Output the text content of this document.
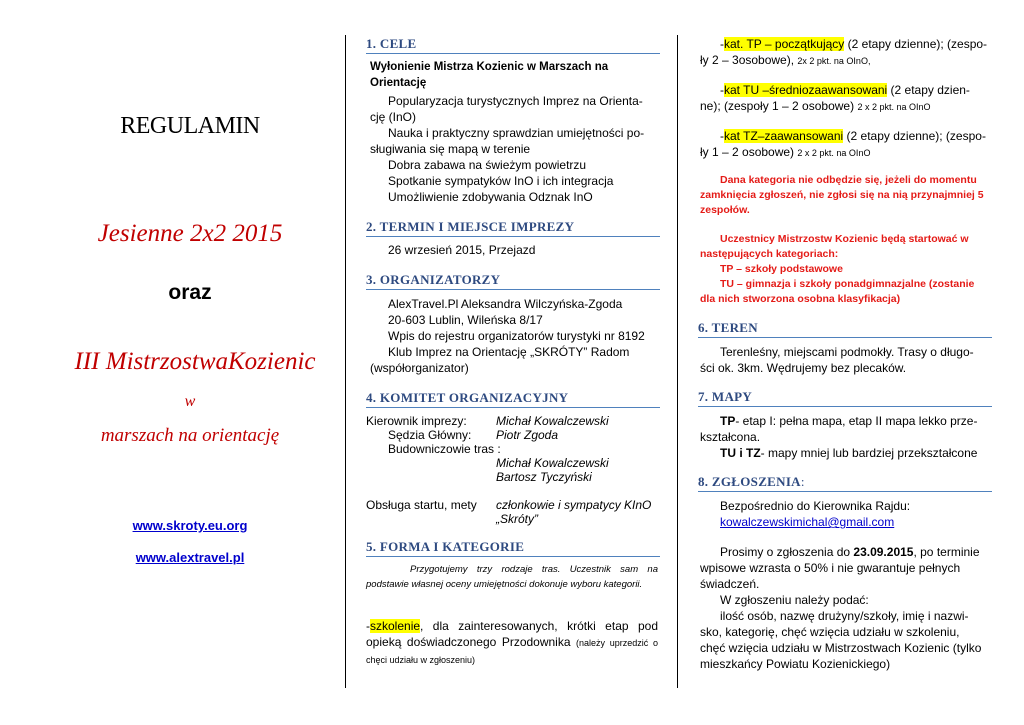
REGULAMIN
Jesienne 2x2 2015
oraz
III MistrzostwaKozienic
w
marszach na orientację
www.skroty.eu.org
www.alextravel.pl
1. CELE
Wyłonienie Mistrza Kozienic w Marszach na Orientację
Popularyzacja turystycznych Imprez na Orienta-
cję (InO)
Nauka i praktyczny sprawdzian umiejętności po-
sługiwania się mapą w terenie
Dobra zabawa na świeżym powietrzu
Spotkanie sympatyków InO i ich integracja
Umożliwienie zdobywania Odznak InO
2. TERMIN I MIEJSCE IMPREZY
26 wrzesień 2015, Przejazd
3. ORGANIZATORZY
AlexTravel.Pl Aleksandra Wilczyńska-Zgoda
20-603 Lublin, Wileńska 8/17
Wpis do rejestru organizatorów turystyki nr 8192
Klub Imprez na Orientację „SKRÓTY” Radom
(współorganizator)
4. KOMITET ORGANIZACYJNY
Kierownik imprezy: Michał Kowalczewski
Sędzia Główny: Piotr Zgoda
Budowniczowie tras :
Michał Kowalczewski
Bartosz Tyczyński
Obsługa startu, mety członkowie i sympatycy KInO
„Skróty”
5. FORMA I KATEGORIE
Przygotujemy trzy rodzaje tras. Uczestnik sam na podstawie własnej oceny umiejętności dokonuje wyboru kategorii.
-szkolenie, dla zainteresowanych, krótki etap pod opieką doświadczonego Przodownika (należy uprzedzić o chęci udziału w zgłoszeniu)
-kat. TP – początkujący (2 etapy dzienne); (zespo-
ły 2 – 3osobowe), 2x 2 pkt. na OInO,
-kat TU –średniozaawansowani (2 etapy dzien-
ne); (zespoły 1 – 2 osobowe) 2 x 2 pkt. na OInO
-kat TZ–zaawansowani (2 etapy dzienne); (zespo-
ły 1 – 2 osobowe) 2 x 2 pkt. na OInO
Dana kategoria nie odbędzie się, jeżeli do momentu
zamknięcia zgłoszeń, nie zgłosi się na nią przynajmniej 5
zespołów.
Uczestnicy Mistrzostw Kozienic będą startować w
następujących kategoriach:
TP – szkoły podstawowe
TU – gimnazja i szkoły ponadgimnazjalne (zostanie
dla nich stworzona osobna klasyfikacja)
6. TEREN
Terenleśny, miejscami podmokły. Trasy o długo-
ści ok. 3km. Wędrujemy bez plecaków.
7. MAPY
TP- etap I: pełna mapa, etap II mapa lekko prze-
kształcona.
TU i TZ- mapy mniej lub bardziej przekształcone
8. ZGŁOSZENIA:
Bezpośrednio do Kierownika Rajdu:
kowalczewskimichal@gmail.com
Prosimy o zgłoszenia do 23.09.2015, po terminie
wpisowe wzrasta o 50% i nie gwarantuje pełnych
świadczeń.
W zgłoszeniu należy podać:
ilość osób, nazwę drużyny/szkoły, imię i nazwi-
sko, kategorię, chęć wzięcia udziału w szkoleniu,
chęć wzięcia udziału w Mistrzostwach Kozienic (tylko
mieszkańcy Powiatu Kozienickiego)
